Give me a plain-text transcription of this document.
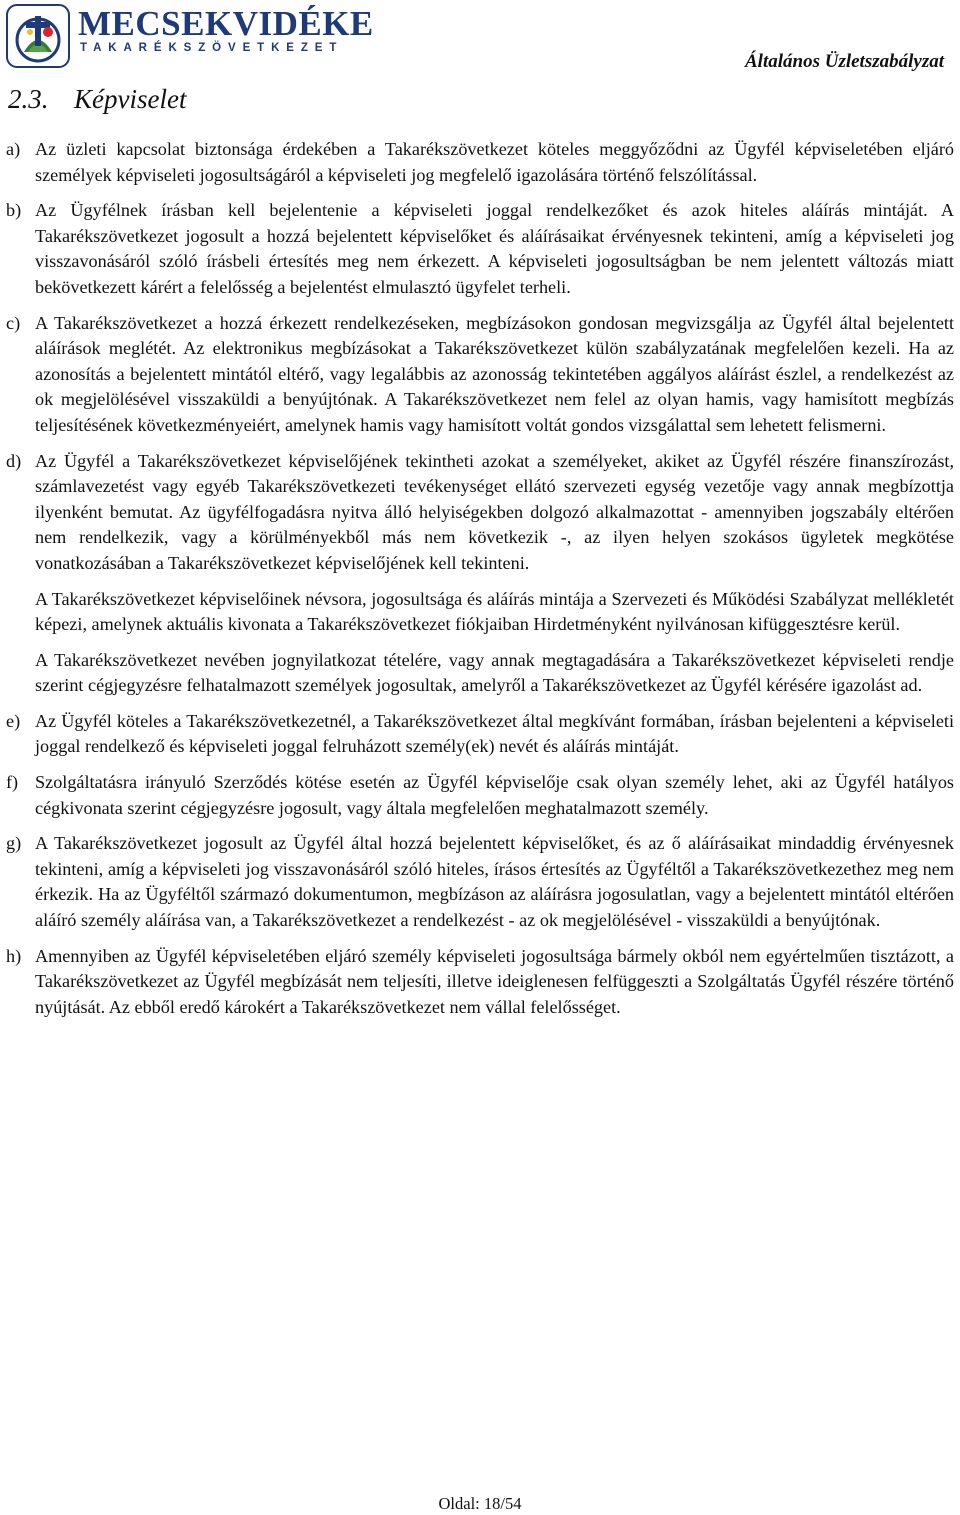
MECSEKVIDÉKE
TAKARÉKSZÖVETKEZET
Általános Üzletszabályzat
2.3. Képviselet
a) Az üzleti kapcsolat biztonsága érdekében a Takarékszövetkezet köteles meggyőződni az Ügyfél képviseletében eljáró személyek képviseleti jogosultságáról a képviseleti jog megfelelő igazolására történő felszólítással.
b) Az Ügyfélnek írásban kell bejelentenie a képviseleti joggal rendelkezőket és azok hiteles aláírás mintáját. A Takarékszövetkezet jogosult a hozzá bejelentett képviselőket és aláírásaikat érvényesnek tekinteni, amíg a képviseleti jog visszavonásáról szóló írásbeli értesítés meg nem érkezett. A képviseleti jogosultságban be nem jelentett változás miatt bekövetkezett kárért a felelősség a bejelentést elmulasztó ügyfelet terheli.
c) A Takarékszövetkezet a hozzá érkezett rendelkezéseken, megbízásokon gondosan megvizsgálja az Ügyfél által bejelentett aláírások meglétét. Az elektronikus megbízásokat a Takarékszövetkezet külön szabályzatának megfelelően kezeli. Ha az azonosítás a bejelentett mintától eltérő, vagy legalábbis az azonosság tekintetében aggályos aláírást észlel, a rendelkezést az ok megjelölésével visszaküldi a benyújtónak. A Takarékszövetkezet nem felel az olyan hamis, vagy hamisított megbízás teljesítésének következményeiért, amelynek hamis vagy hamisított voltát gondos vizsgálattal sem lehetett felismerni.
d) Az Ügyfél a Takarékszövetkezet képviselőjének tekintheti azokat a személyeket, akiket az Ügyfél részére finanszírozást, számlavezetést vagy egyéb Takarékszövetkezeti tevékenységet ellátó szervezeti egység vezetője vagy annak megbízottja ilyenként bemutat. Az ügyfélfogadásra nyitva álló helyiségekben dolgozó alkalmazottat - amennyiben jogszabály eltérően nem rendelkezik, vagy a körülményekből más nem következik -, az ilyen helyen szokásos ügyletek megkötése vonatkozásában a Takarékszövetkezet képviselőjének kell tekinteni.
A Takarékszövetkezet képviselőinek névsora, jogosultsága és aláírás mintája a Szervezeti és Működési Szabályzat mellékletét képezi, amelynek aktuális kivonata a Takarékszövetkezet fiókjaiban Hirdetményként nyilvánosan kifüggesztésre kerül.
A Takarékszövetkezet nevében jognyilatkozat tételére, vagy annak megtagadására a Takarékszövetkezet képviseleti rendje szerint cégjegyzésre felhatalmazott személyek jogosultak, amelyről a Takarékszövetkezet az Ügyfél kérésére igazolást ad.
e) Az Ügyfél köteles a Takarékszövetkezetnél, a Takarékszövetkezet által megkívánt formában, írásban bejelenteni a képviseleti joggal rendelkező és képviseleti joggal felruházott személy(ek) nevét és aláírás mintáját.
f) Szolgáltatásra irányuló Szerződés kötése esetén az Ügyfél képviselője csak olyan személy lehet, aki az Ügyfél hatályos cégkivonata szerint cégjegyzésre jogosult, vagy általa megfelelően meghatalmazott személy.
g) A Takarékszövetkezet jogosult az Ügyfél által hozzá bejelentett képviselőket, és az ő aláírásaikat mindaddig érvényesnek tekinteni, amíg a képviseleti jog visszavonásáról szóló hiteles, írásos értesítés az Ügyféltől a Takarékszövetkezethez meg nem érkezik. Ha az Ügyféltől származó dokumentumon, megbízáson az aláírásra jogosulatlan, vagy a bejelentett mintától eltérően aláíró személy aláírása van, a Takarékszövetkezet a rendelkezést - az ok megjelölésével - visszaküldi a benyújtónak.
h) Amennyiben az Ügyfél képviseletében eljáró személy képviseleti jogosultsága bármely okból nem egyértelműen tisztázott, a Takarékszövetkezet az Ügyfél megbízását nem teljesíti, illetve ideiglenesen felfüggeszti a Szolgáltatás Ügyfél részére történő nyújtását. Az ebből eredő károkért a Takarékszövetkezet nem vállal felelősséget.
Oldal: 18/54
